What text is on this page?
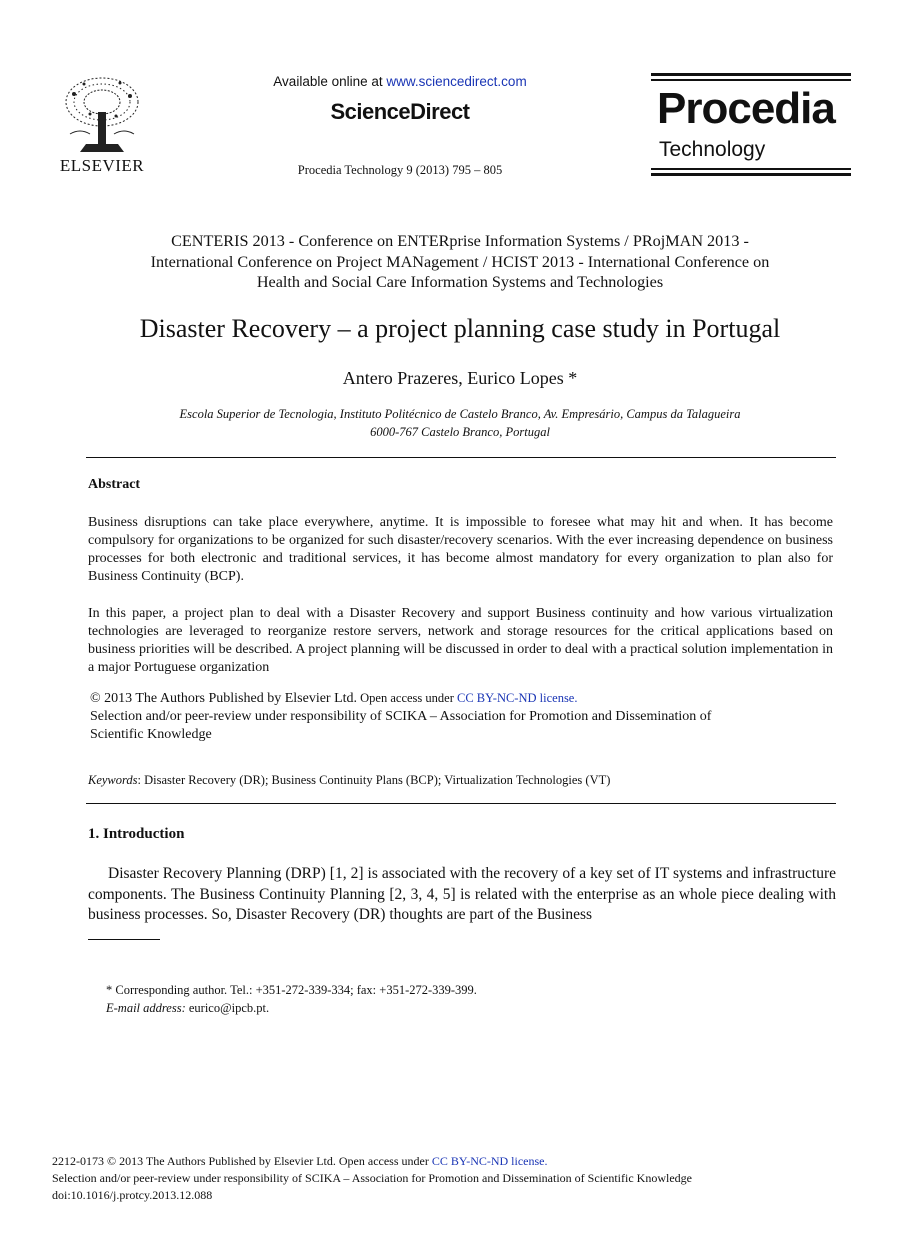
ELSEVIER
Available online at www.sciencedirect.com
ScienceDirect
Procedia Technology 9 (2013) 795 – 805
Procedia
Technology
CENTERIS 2013 - Conference on ENTERprise Information Systems / PRojMAN 2013 -
International Conference on Project MANagement / HCIST 2013 - International Conference on
Health and Social Care Information Systems and Technologies
Disaster Recovery – a project planning case study in Portugal
Antero Prazeres, Eurico Lopes *
Escola Superior de Tecnologia, Instituto Politécnico de Castelo Branco, Av. Empresário, Campus da Talagueira
6000-767 Castelo Branco, Portugal
Abstract

Business disruptions can take place everywhere, anytime. It is impossible to foresee what may hit and when. It has become compulsory for organizations to be organized for such disaster/recovery scenarios. With the ever increasing dependence on business processes for both electronic and traditional services, it has become almost mandatory for every organization to plan also for Business Continuity (BCP).

In this paper, a project plan to deal with a Disaster Recovery and support Business continuity and how various virtualization technologies are leveraged to reorganize restore servers, network and storage resources for the critical applications based on business priorities will be described. A project planning will be discussed in order to deal with a practical solution implementation in a major Portuguese organization

© 2013 The Authors Published by Elsevier Ltd. Open access under CC BY-NC-ND license.
Selection and/or peer-review under responsibility of SCIKA – Association for Promotion and Dissemination of
Scientific Knowledge
Keywords: Disaster Recovery (DR); Business Continuity Plans (BCP); Virtualization Technologies (VT)
1. Introduction

Disaster Recovery Planning (DRP) [1, 2] is associated with the recovery of a key set of IT systems and infrastructure components. The Business Continuity Planning [2, 3, 4, 5] is related with the enterprise as an whole piece dealing with business processes. So, Disaster Recovery (DR) thoughts are part of the Business

* Corresponding author. Tel.: +351-272-339-334; fax: +351-272-339-399.
E-mail address: eurico@ipcb.pt.
2212-0173 © 2013 The Authors Published by Elsevier Ltd. Open access under CC BY-NC-ND license.
Selection and/or peer-review under responsibility of SCIKA – Association for Promotion and Dissemination of Scientific Knowledge
doi:10.1016/j.protcy.2013.12.088
